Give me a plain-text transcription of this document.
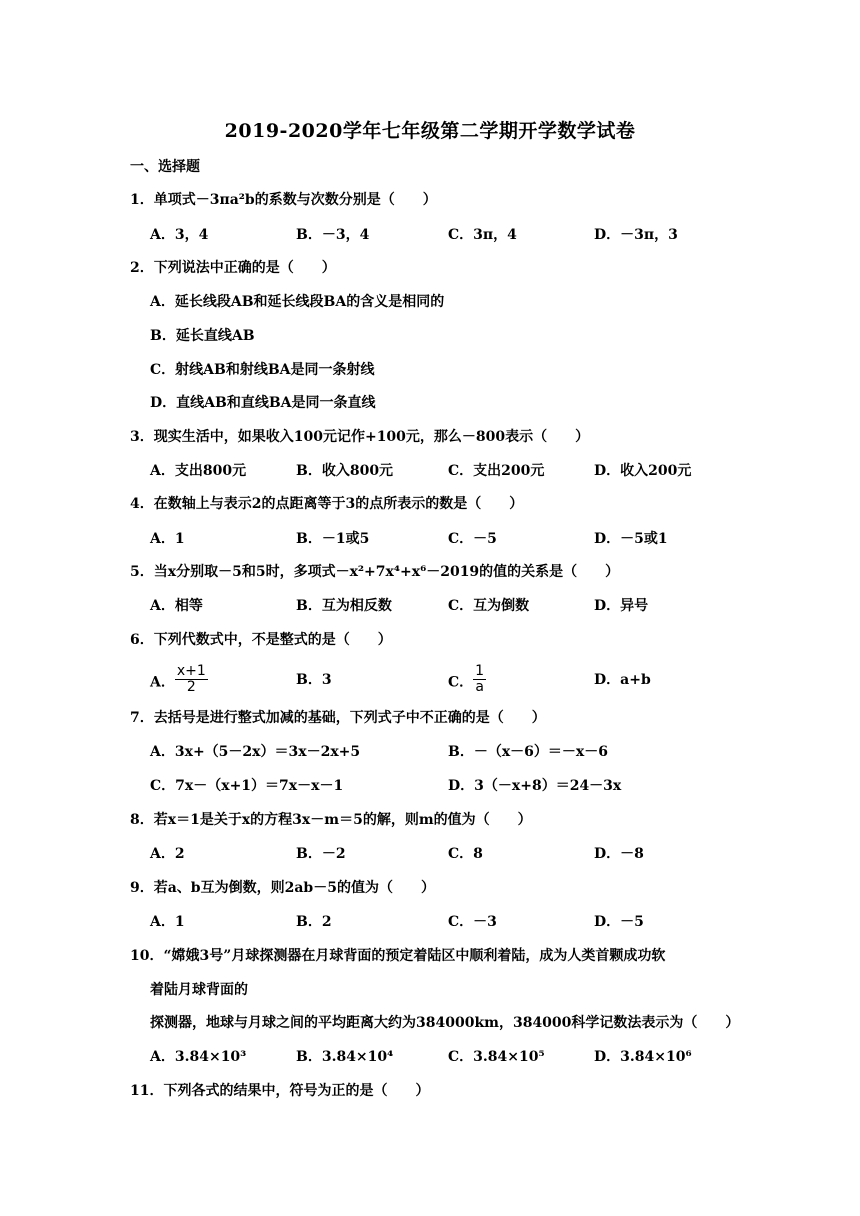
2019-2020学年七年级第二学期开学数学试卷
一、选择题
1．单项式－3πa²b的系数与次数分别是（　　）
A．3，4	B．－3，4	C．3π，4	D．－3π，3
2．下列说法中正确的是（　　）
A．延长线段AB和延长线段BA的含义是相同的
B．延长直线AB
C．射线AB和射线BA是同一条射线
D．直线AB和直线BA是同一条直线
3．现实生活中，如果收入100元记作+100元，那么－800表示（　　）
A．支出800元	B．收入800元	C．支出200元	D．收入200元
4．在数轴上与表示2的点距离等于3的点所表示的数是（　　）
A．1	B．－1或5	C．－5	D．－5或1
5．当x分别取－5和5时，多项式－x²+7x⁴+x⁶－2019的值的关系是（　　）
A．相等	B．互为相反数	C．互为倒数	D．异号
6．下列代数式中，不是整式的是（　　）
A． $\frac{x+1}{2}$	B．3	C． $\frac{1}{a}$	D．a+b
7．去括号是进行整式加减的基础，下列式子中不正确的是（　　）
A．3x+（5－2x）＝3x－2x+5	B．－（x－6）＝－x－6
C．7x－（x+1）＝7x－x－1	D．3（－x+8）＝24－3x
8．若x＝1是关于x的方程3x－m＝5的解，则m的值为（　　）
A．2	B．－2	C．8	D．－8
9．若a、b互为倒数，则2ab－5的值为（　　）
A．1	B．2	C．－3	D．－5
10．“嫦娥3号”月球探测器在月球背面的预定着陆区中顺利着陆，成为人类首颗成功软
着陆月球背面的
探测器，地球与月球之间的平均距离大约为384000km，384000科学记数法表示为（　　）
A．3.84×10³	B．3.84×10⁴	C．3.84×10⁵	D．3.84×10⁶
11．下列各式的结果中，符号为正的是（　　）
